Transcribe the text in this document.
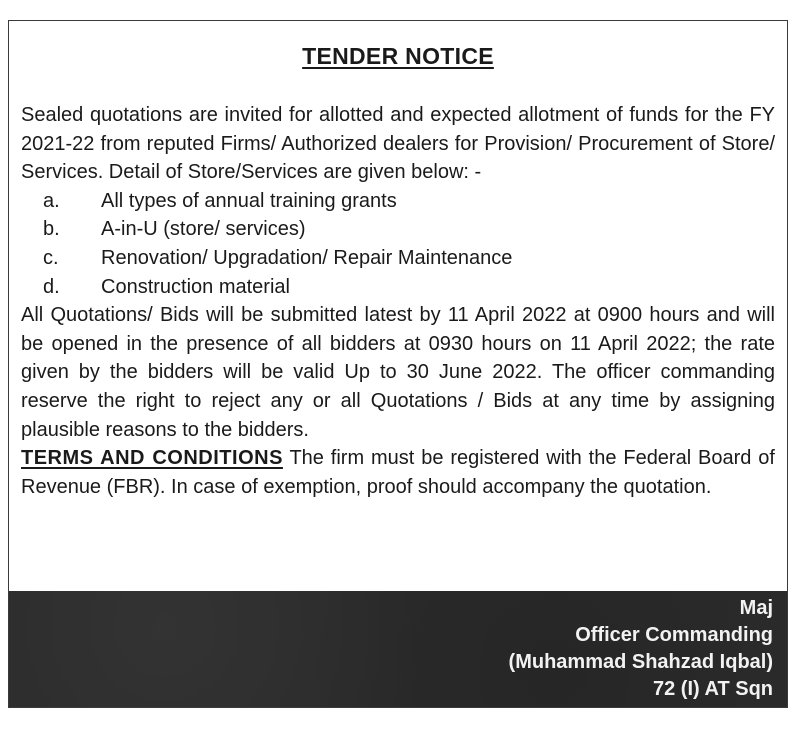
TENDER NOTICE

Sealed quotations are invited for allotted and expected allotment of funds for the FY 2021-22 from reputed Firms/ Authorized dealers for Provision/ Procurement of Store/ Services. Detail of Store/Services are given below: -

a.	All types of annual training grants
b.	A-in-U (store/ services)
c.	Renovation/ Upgradation/ Repair Maintenance
d.	Construction material

All Quotations/ Bids will be submitted latest by 11 April 2022 at 0900 hours and will be opened in the presence of all bidders at 0930 hours on 11 April 2022; the rate given by the bidders will be valid Up to 30 June 2022. The officer commanding reserve the right to reject any or all Quotations / Bids at any time by assigning plausible reasons to the bidders.

TERMS AND CONDITIONS The firm must be registered with the Federal Board of Revenue (FBR). In case of exemption, proof should accompany the quotation.

Maj
Officer Commanding
(Muhammad Shahzad Iqbal)
72 (I) AT Sqn
